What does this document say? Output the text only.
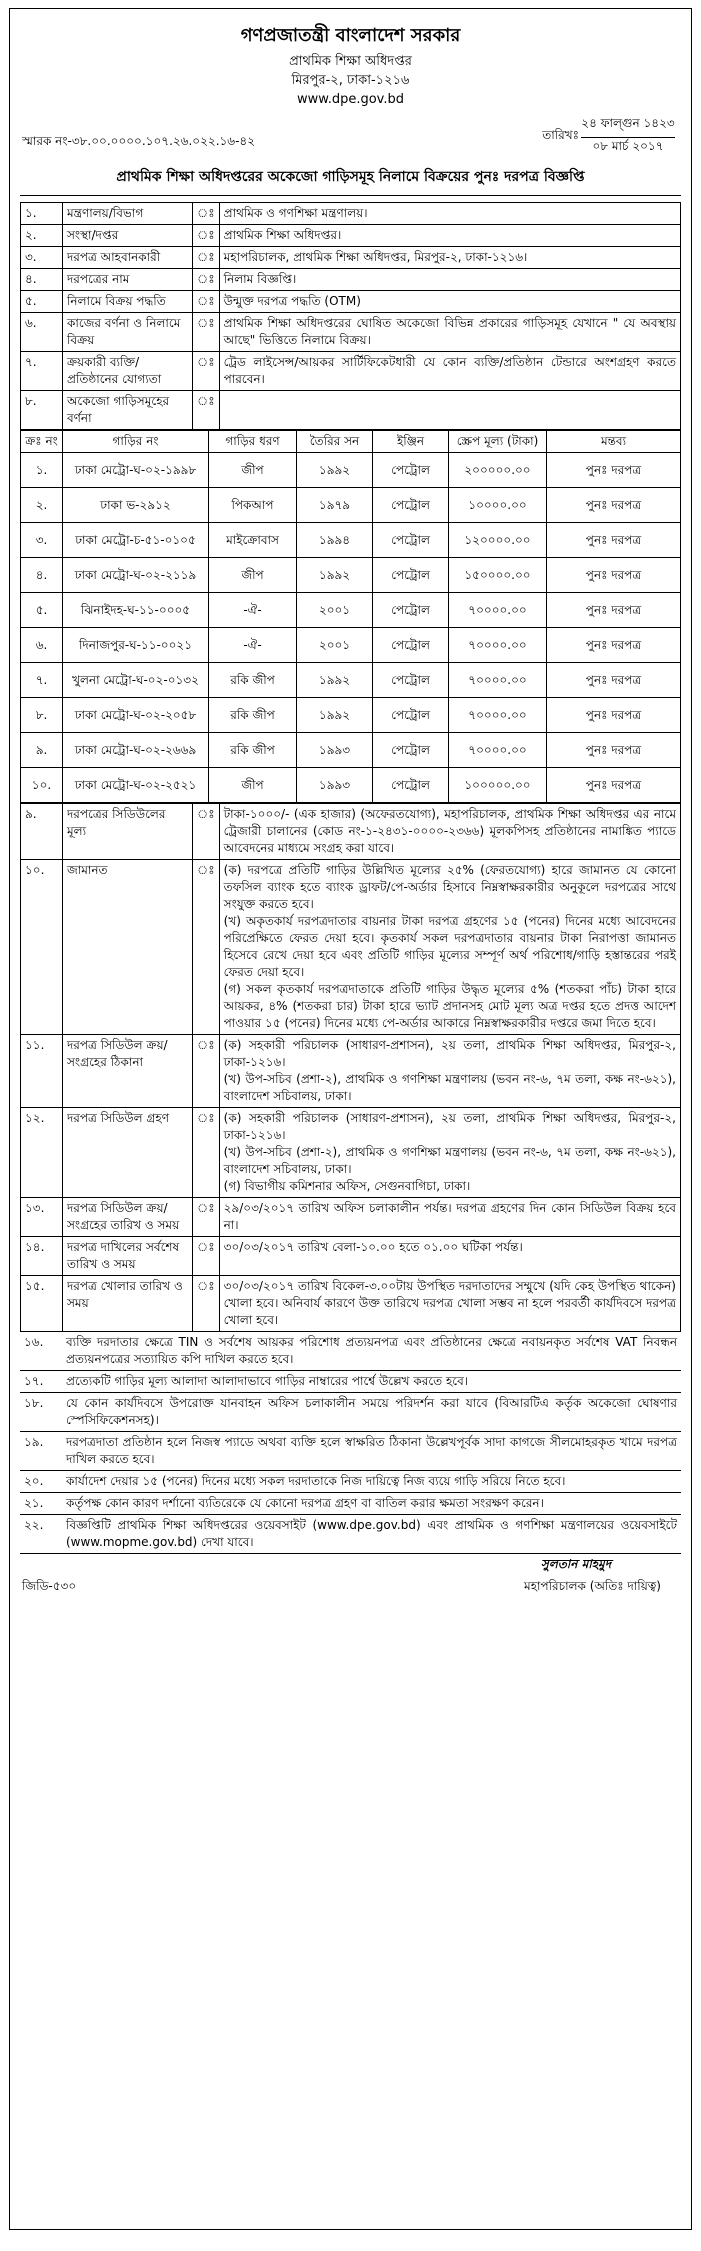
গণপ্রজাতন্ত্রী বাংলাদেশ সরকার
প্রাথমিক শিক্ষা অধিদপ্তর
মিরপুর-২, ঢাকা-১২১৬
www.dpe.gov.bd
স্মারক নং-৩৮.০০.০০০০.১০৭.২৬.০২২.১৬-৪২	তারিখঃ
২৪ ফাল্গুন ১৪২৩
০৮ মার্চ ২০১৭
প্রাথমিক শিক্ষা অধিদপ্তরের অকেজো গাড়িসমূহ নিলামে বিক্রয়ের পুনঃ দরপত্র বিজ্ঞপ্তি
১.	মন্ত্রণালয়/বিভাগ	ঃ	প্রাথমিক ও গণশিক্ষা মন্ত্রণালয়।
২.	সংস্থা/দপ্তর	ঃ	প্রাথমিক শিক্ষা অধিদপ্তর।
৩.	দরপত্র আহবানকারী	ঃ	মহাপরিচালক, প্রাথমিক শিক্ষা অধিদপ্তর, মিরপুর-২, ঢাকা-১২১৬।
৪.	দরপত্রের নাম	ঃ	নিলাম বিজ্ঞপ্তি।
৫.	নিলামে বিক্রয় পদ্ধতি	ঃ	উন্মুক্ত দরপত্র পদ্ধতি (OTM)
৬.	কাজের বর্ণনা ও নিলামে বিক্রয়	ঃ	প্রাথমিক শিক্ষা অধিদপ্তরের ঘোষিত অকেজো বিভিন্ন প্রকারের গাড়িসমূহ যেখানে " যে অবস্থায় আছে" ভিত্তিতে নিলামে বিক্রয়।
৭.	ক্রয়কারী ব্যক্তি/প্রতিষ্ঠানের যোগ্যতা	ঃ	ট্রেড লাইসেন্স/আয়কর সার্টিফিকেটধারী যে কোন ব্যক্তি/প্রতিষ্ঠান টেন্ডারে অংশগ্রহণ করতে পারবেন।
৮.	অকেজো গাড়িসমূহের বর্ণনা	ঃ	
ক্রঃ নং	গাড়ির নং	গাড়ির ধরণ	তৈরির সন	ইঞ্জিন	স্ক্রেপ মূল্য (টাকা)	মন্তব্য
১.	ঢাকা মেট্রো-ঘ-০২-১৯৯৮	জীপ	১৯৯২	পেট্রোল	২০০০০০.০০	পুনঃ দরপত্র
২.	ঢাকা ভ-২৯১২	পিকআপ	১৯৭৯	পেট্রোল	১০০০০.০০	পুনঃ দরপত্র
৩.	ঢাকা মেট্রো-চ-৫১-০১০৫	মাইক্রোবাস	১৯৯৪	পেট্রোল	১২০০০০.০০	পুনঃ দরপত্র
৪.	ঢাকা মেট্রো-ঘ-০২-২১১৯	জীপ	১৯৯২	পেট্রোল	১৫০০০০.০০	পুনঃ দরপত্র
৫.	ঝিনাইদহ-ঘ-১১-০০০৫	-ঐ-	২০০১	পেট্রোল	৭০০০০.০০	পুনঃ দরপত্র
৬.	দিনাজপুর-ঘ-১১-০০২১	-ঐ-	২০০১	পেট্রোল	৭০০০০.০০	পুনঃ দরপত্র
৭.	খুলনা মেট্রো-ঘ-০২-০১৩২	রকি জীপ	১৯৯২	পেট্রোল	৭০০০০.০০	পুনঃ দরপত্র
৮.	ঢাকা মেট্রো-ঘ-০২-২০৫৮	রকি জীপ	১৯৯২	পেট্রোল	৭০০০০.০০	পুনঃ দরপত্র
৯.	ঢাকা মেট্রো-ঘ-০২-২৬৬৯	রকি জীপ	১৯৯৩	পেট্রোল	৭০০০০.০০	পুনঃ দরপত্র
১০.	ঢাকা মেট্রো-ঘ-০২-২৫২১	জীপ	১৯৯৩	পেট্রোল	১০০০০০.০০	পুনঃ দরপত্র
৯.	দরপত্রের সিডিউলের মূল্য	ঃ	টাকা-১০০০/- (এক হাজার) (অফেরতযোগ্য), মহাপরিচালক, প্রাথমিক শিক্ষা অধিদপ্তর এর নামে ট্রেজারী চালানের (কোড নং-১-২৪৩১-০০০০-২৩৬৬) মূলকপিসহ প্রতিষ্ঠানের নামাঙ্কিত প্যাডে আবেদনের মাধ্যমে সংগ্রহ করা যাবে।

১০.	জামানত	ঃ	(ক) দরপত্রে প্রতিটি গাড়ির উল্লিখিত মূল্যের ২৫% (ফেরতযোগ্য) হারে জামানত যে কোনো তফসিল ব্যাংক হতে ব্যাংক ড্রাফট/পে-অর্ডার হিসাবে নিম্নস্বাক্ষরকারীর অনুকূলে দরপত্রের সাথে সংযুক্ত করতে হবে।
(খ) অকৃতকার্য দরপত্রদাতার বায়নার টাকা দরপত্র গ্রহণের ১৫ (পনের) দিনের মধ্যে আবেদনের পরিপ্রেক্ষিতে ফেরত দেয়া হবে। কৃতকার্য সকল দরপত্রদাতার বায়নার টাকা নিরাপত্তা জামানত হিসেবে রেখে দেয়া হবে এবং প্রতিটি গাড়ির মূল্যের সম্পূর্ণ অর্থ পরিশোধ/গাড়ি হস্তান্তরের পরই ফেরত দেয়া হবে।
(গ) সকল কৃতকার্য দরপত্রদাতাকে প্রতিটি গাড়ির উদ্ধৃত মূল্যের ৫% (শতকরা পাঁচ) টাকা হারে আয়কর, ৪% (শতকরা চার) টাকা হারে ভ্যাট প্রদানসহ মোট মূল্য অত্র দপ্তর হতে প্রদত্ত আদেশ পাওয়ার ১৫ (পনের) দিনের মধ্যে পে-অর্ডার আকারে নিম্নস্বাক্ষরকারীর দপ্তরে জমা দিতে হবে।

১১.	দরপত্র সিডিউল ক্রয়/সংগ্রহের ঠিকানা	ঃ	(ক) সহকারী পরিচালক (সাধারণ-প্রশাসন), ২য় তলা, প্রাথমিক শিক্ষা অধিদপ্তর, মিরপুর-২, ঢাকা-১২১৬।
(খ) উপ-সচিব (প্রশা-২), প্রাথমিক ও গণশিক্ষা মন্ত্রণালয় (ভবন নং-৬, ৭ম তলা, কক্ষ নং-৬২১), বাংলাদেশ সচিবালয়, ঢাকা।

১২.	দরপত্র সিডিউল গ্রহণ	ঃ	(ক) সহকারী পরিচালক (সাধারণ-প্রশাসন), ২য় তলা, প্রাথমিক শিক্ষা অধিদপ্তর, মিরপুর-২, ঢাকা-১২১৬।
(খ) উপ-সচিব (প্রশা-২), প্রাথমিক ও গণশিক্ষা মন্ত্রণালয় (ভবন নং-৬, ৭ম তলা, কক্ষ নং-৬২১), বাংলাদেশ সচিবালয়, ঢাকা।
(গ) বিভাগীয় কমিশনার অফিস, সেগুনবাগিচা, ঢাকা।

১৩.	দরপত্র সিডিউল ক্রয়/সংগ্রহের তারিখ ও সময়	ঃ	২৯/০৩/২০১৭ তারিখ অফিস চলাকালীন পর্যন্ত। দরপত্র গ্রহণের দিন কোন সিডিউল বিক্রয় হবে না।

১৪.	দরপত্র দাখিলের সর্বশেষ তারিখ ও সময়	ঃ	৩০/০৩/২০১৭ তারিখ বেলা-১০.০০ হতে ০১.০০ ঘটিকা পর্যন্ত।

১৫.	দরপত্র খোলার তারিখ ও সময়	ঃ	৩০/০৩/২০১৭ তারিখ বিকেল-৩.০০টায় উপস্থিত দরদাতাদের সম্মুখে (যদি কেহ উপস্থিত থাকেন) খোলা হবে। অনিবার্য কারণে উক্ত তারিখে দরপত্র খোলা সম্ভব না হলে পরবর্তী কার্যদিবসে দরপত্র খোলা হবে।
১৬.	ব্যক্তি দরদাতার ক্ষেত্রে TIN ও সর্বশেষ আয়কর পরিশোধ প্রত্যয়নপত্র এবং প্রতিষ্ঠানের ক্ষেত্রে নবায়নকৃত সর্বশেষ VAT নিবন্ধন প্রত্যয়নপত্রের সত্যায়িত কপি দাখিল করতে হবে।
১৭.	প্রত্যেকটি গাড়ির মূল্য আলাদা আলাদাভাবে গাড়ির নাম্বারের পার্শ্বে উল্লেখ করতে হবে।
১৮.	যে কোন কার্যদিবসে উপরোক্ত যানবাহন অফিস চলাকালীন সময়ে পরিদর্শন করা যাবে (বিআরটিএ কর্তৃক অকেজো ঘোষণার স্পেসিফিকেশনসহ)।
১৯.	দরপত্রদাতা প্রতিষ্ঠান হলে নিজস্ব প্যাডে অথবা ব্যক্তি হলে স্বাক্ষরিত ঠিকানা উল্লেখপূর্বক সাদা কাগজে সীলমোহরকৃত খামে দরপত্র দাখিল করতে হবে।
২০.	কার্যাদেশ দেয়ার ১৫ (পনের) দিনের মধ্যে সকল দরদাতাকে নিজ দায়িত্বে নিজ ব্যয়ে গাড়ি সরিয়ে নিতে হবে।
২১.	কর্তৃপক্ষ কোন কারণ দর্শানো ব্যতিরেকে যে কোনো দরপত্র গ্রহণ বা বাতিল করার ক্ষমতা সংরক্ষণ করেন।
২২.	বিজ্ঞপ্তিটি প্রাথমিক শিক্ষা অধিদপ্তরের ওয়েবসাইট (www.dpe.gov.bd) এবং প্রাথমিক ও গণশিক্ষা মন্ত্রণালয়ের ওয়েবসাইটে (www.mopme.gov.bd) দেখা যাবে।
সুলতান মাহমুদ
মহাপরিচালক (অতিঃ দায়িত্ব)
জিডি-৫৩০
